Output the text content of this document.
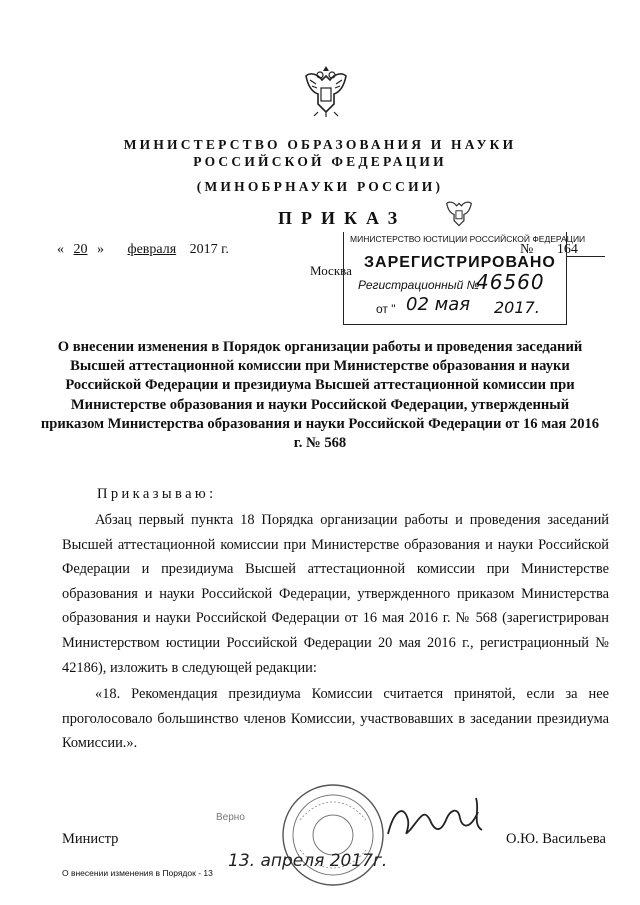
МИНИСТЕРСТВО ОБРАЗОВАНИЯ И НАУКИ
РОССИЙСКОЙ ФЕДЕРАЦИИ
(МИНОБРНАУКИ РОССИИ)
ПРИКАЗ
« 20 » февраля 2017 г.	№ 164
Москва
МИНИСТЕРСТВО ЮСТИЦИИ РОССИЙСКОЙ ФЕДЕРАЦИИ
ЗАРЕГИСТРИРОВАНО
Регистрационный №
46560
от " 02 мая 2017.
О внесении изменения в Порядок организации работы и проведения заседаний Высшей аттестационной комиссии при Министерстве образования и науки Российской Федерации и президиума Высшей аттестационной комиссии при Министерстве образования и науки Российской Федерации, утвержденный приказом Министерства образования и науки Российской Федерации от 16 мая 2016 г. № 568
Приказываю:

Абзац первый пункта 18 Порядка организации работы и проведения заседаний Высшей аттестационной комиссии при Министерстве образования и науки Российской Федерации и президиума Высшей аттестационной комиссии при Министерстве образования и науки Российской Федерации, утвержденного приказом Министерства образования и науки Российской Федерации от 16 мая 2016 г. № 568 (зарегистрирован Министерством юстиции Российской Федерации 20 мая 2016 г., регистрационный № 42186), изложить в следующей редакции:

«18. Рекомендация президиума Комиссии считается принятой, если за нее проголосовало большинство членов Комиссии, участвовавших в заседании президиума Комиссии.».

Верно
13. апреля 2017г.
Министр	О.Ю. Васильева
О внесении изменения в Порядок - 13
